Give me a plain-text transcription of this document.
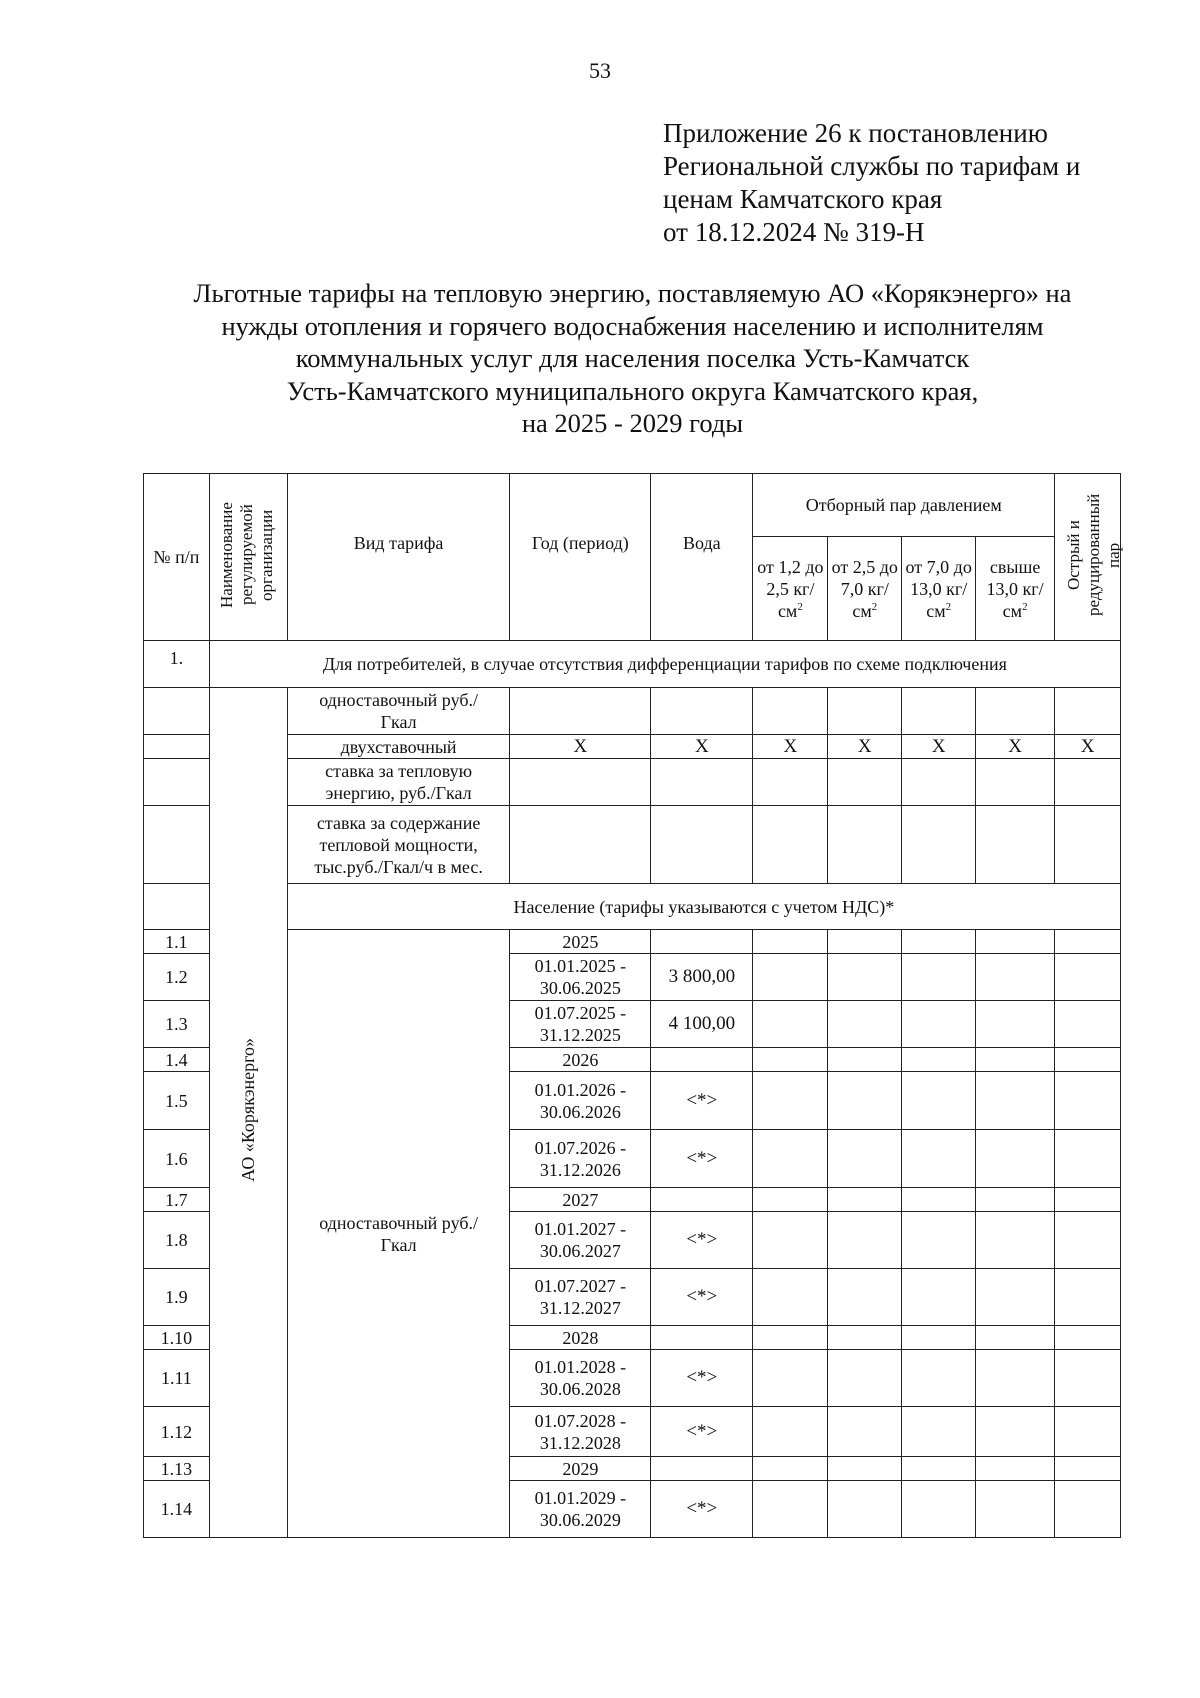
53
Приложение 26 к постановлению
Региональной службы по тарифам и
ценам Камчатского края
от 18.12.2024 № 319-Н
Льготные тарифы на тепловую энергию, поставляемую АО «Корякэнерго» на
нужды отопления и горячего водоснабжения населению и исполнителям
коммунальных услуг для населения поселка Усть-Камчатск
Усть-Камчатского муниципального округа Камчатского края,
на 2025 - 2029 годы
№ п/п	Наименование регулируемой организации	Вид тарифа	Год (период)	Вода	Отборный пар давлением				Острый и редуцированный пар
					от 1,2 до 2,5 $кг/см^2$	от 2,5 до 7,0 $кг/см^2$	от 7,0 до 13,0 $кг/см^2$	свыше 13,0 $кг/см^2$
1.	Для потребителей, в случае отсутствия дифференциации тарифов по схеме подключения								
	АО «Корякэнерго»	одноставочный руб./Гкал							
		двухставочный	Х	Х	Х	Х	Х	Х	Х
		ставка за тепловую энергию, руб./Гкал							
		ставка за содержание тепловой мощности, тыс.руб./Гкал/ч в мес.							
		Население (тарифы указываются с учетом НДС)*							
1.1		одноставочный руб./Гкал	2025						
1.2			01.01.2025 - 30.06.2025	3 800,00					
1.3			01.07.2025 - 31.12.2025	4 100,00					
1.4			2026						
1.5			01.01.2026 - 30.06.2026	<*>					
1.6			01.07.2026 - 31.12.2026	<*>					
1.7			2027						
1.8			01.01.2027 - 30.06.2027	<*>					
1.9			01.07.2027 - 31.12.2027	<*>					
1.10			2028						
1.11			01.01.2028 - 30.06.2028	<*>					
1.12			01.07.2028 - 31.12.2028	<*>					
1.13			2029						
1.14			01.01.2029 - 30.06.2029	<*>					
